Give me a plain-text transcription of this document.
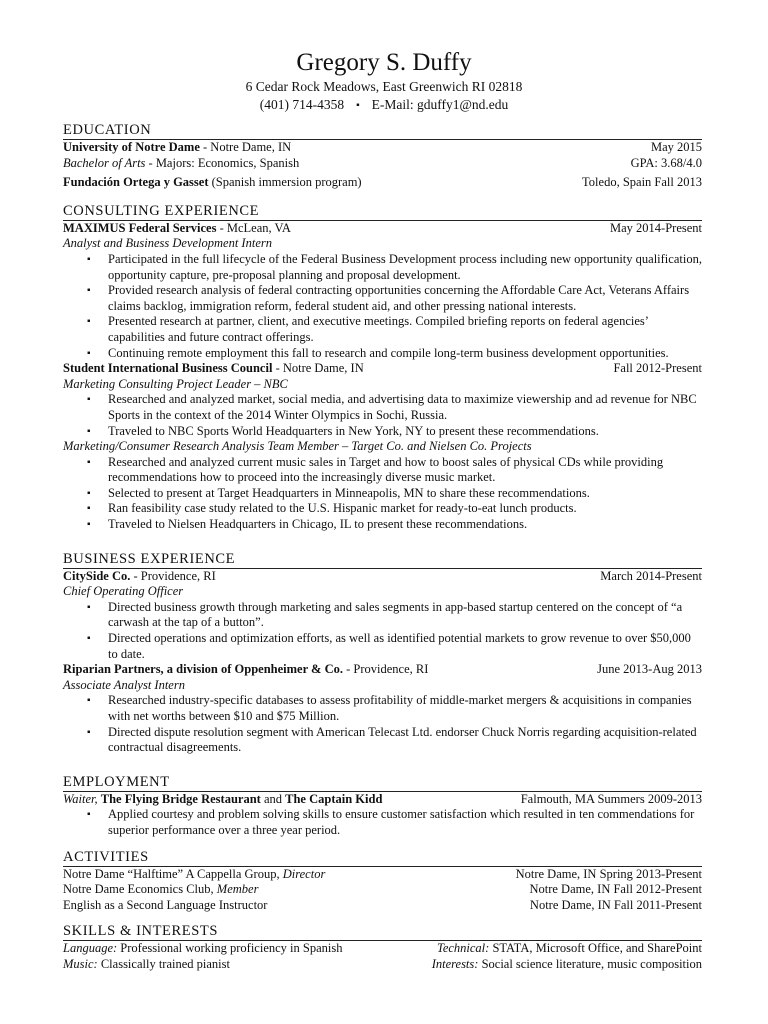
Gregory S. Duffy
6 Cedar Rock Meadows, East Greenwich RI 02818
(401) 714-4358 ▪ E-Mail: gduffy1@nd.edu
EDUCATION
University of Notre Dame - Notre Dame, IN	May 2015
Bachelor of Arts - Majors: Economics, Spanish	GPA: 3.68/4.0
Fundación Ortega y Gasset (Spanish immersion program)	Toledo, Spain Fall 2013
CONSULTING EXPERIENCE
MAXIMUS Federal Services - McLean, VA	May 2014-Present
Analyst and Business Development Intern
▪ Participated in the full lifecycle of the Federal Business Development process including new opportunity qualification, opportunity capture, pre-proposal planning and proposal development.
▪ Provided research analysis of federal contracting opportunities concerning the Affordable Care Act, Veterans Affairs claims backlog, immigration reform, federal student aid, and other pressing national interests.
▪ Presented research at partner, client, and executive meetings. Compiled briefing reports on federal agencies’ capabilities and future contract offerings.
▪ Continuing remote employment this fall to research and compile long-term business development opportunities.
Student International Business Council - Notre Dame, IN	Fall 2012-Present
Marketing Consulting Project Leader – NBC
▪ Researched and analyzed market, social media, and advertising data to maximize viewership and ad revenue for NBC Sports in the context of the 2014 Winter Olympics in Sochi, Russia.
▪ Traveled to NBC Sports World Headquarters in New York, NY to present these recommendations.
Marketing/Consumer Research Analysis Team Member – Target Co. and Nielsen Co. Projects
▪ Researched and analyzed current music sales in Target and how to boost sales of physical CDs while providing recommendations how to proceed into the increasingly diverse music market.
▪ Selected to present at Target Headquarters in Minneapolis, MN to share these recommendations.
▪ Ran feasibility case study related to the U.S. Hispanic market for ready-to-eat lunch products.
▪ Traveled to Nielsen Headquarters in Chicago, IL to present these recommendations.
BUSINESS EXPERIENCE
CitySide Co. - Providence, RI	March 2014-Present
Chief Operating Officer
▪ Directed business growth through marketing and sales segments in app-based startup centered on the concept of “a carwash at the tap of a button”.
▪ Directed operations and optimization efforts, as well as identified potential markets to grow revenue to over $50,000 to date.
Riparian Partners, a division of Oppenheimer & Co. - Providence, RI	June 2013-Aug 2013
Associate Analyst Intern
▪ Researched industry-specific databases to assess profitability of middle-market mergers & acquisitions in companies with net worths between $10 and $75 Million.
▪ Directed dispute resolution segment with American Telecast Ltd. endorser Chuck Norris regarding acquisition-related contractual disagreements.
EMPLOYMENT
Waiter, The Flying Bridge Restaurant and The Captain Kidd	Falmouth, MA Summers 2009-2013
▪ Applied courtesy and problem solving skills to ensure customer satisfaction which resulted in ten commendations for superior performance over a three year period.
ACTIVITIES
Notre Dame “Halftime” A Cappella Group, Director	Notre Dame, IN Spring 2013-Present
Notre Dame Economics Club, Member	Notre Dame, IN Fall 2012-Present
English as a Second Language Instructor	Notre Dame, IN Fall 2011-Present
SKILLS & INTERESTS
Language: Professional working proficiency in Spanish	Technical: STATA, Microsoft Office, and SharePoint
Music: Classically trained pianist	Interests: Social science literature, music composition
